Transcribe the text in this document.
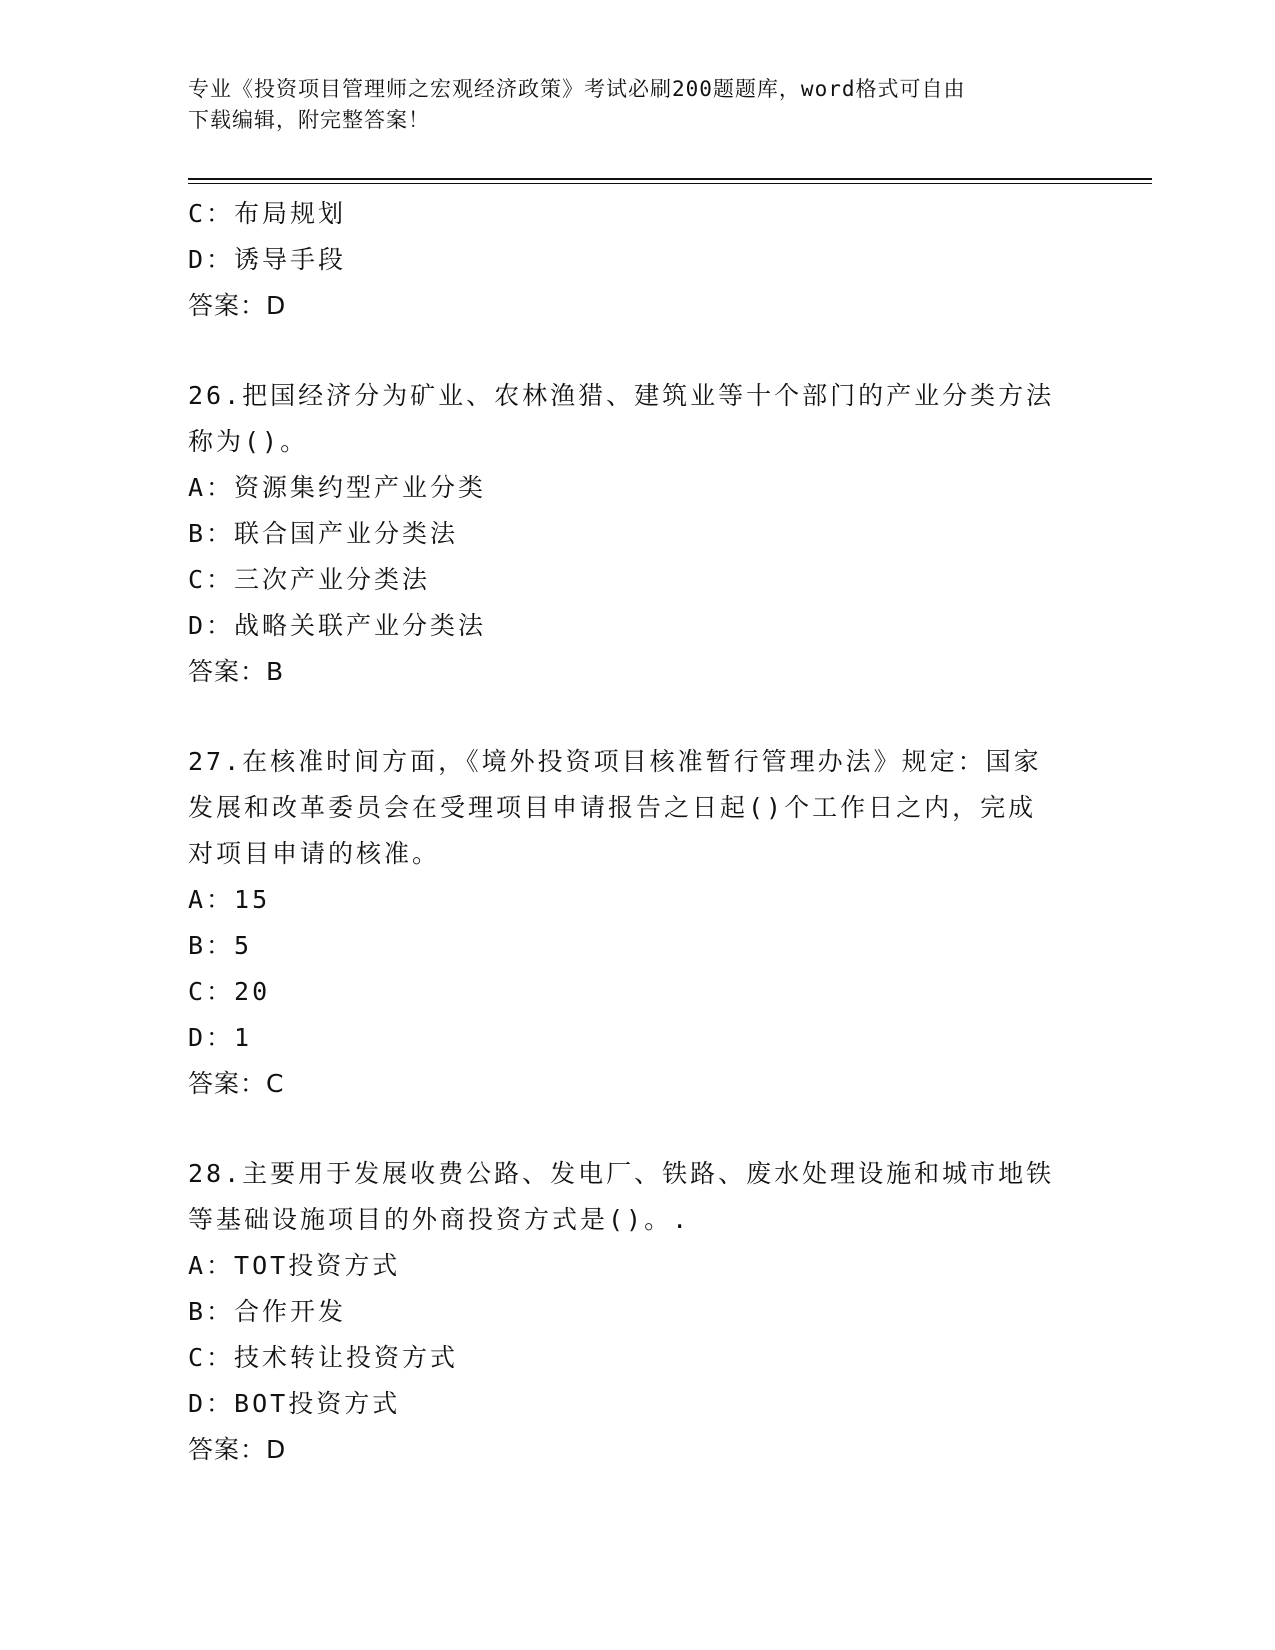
专业《投资项目管理师之宏观经济政策》考试必刷200题题库，word格式可自由
下载编辑，附完整答案！
C：布局规划
D：诱导手段
答案：D
26.把国经济分为矿业、农林渔猎、建筑业等十个部门的产业分类方法
称为()。
A：资源集约型产业分类
B：联合国产业分类法
C：三次产业分类法
D：战略关联产业分类法
答案：B
27.在核准时间方面，《境外投资项目核准暂行管理办法》规定：国家
发展和改革委员会在受理项目申请报告之日起()个工作日之内，完成
对项目申请的核准。
A：15
B：5
C：20
D：1
答案：C
28.主要用于发展收费公路、发电厂、铁路、废水处理设施和城市地铁
等基础设施项目的外商投资方式是()。.
A：TOT投资方式
B：合作开发
C：技术转让投资方式
D：BOT投资方式
答案：D
